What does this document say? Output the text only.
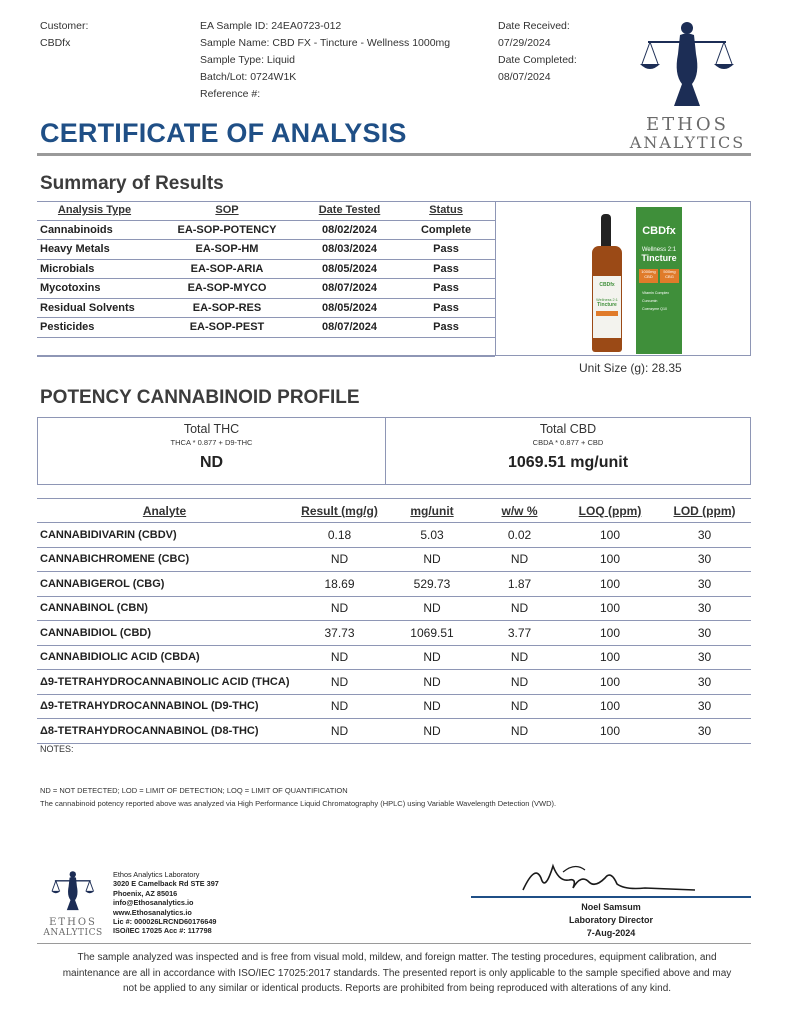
Customer:
CBDfx
EA Sample ID: 24EA0723-012
Sample Name: CBD FX - Tincture - Wellness 1000mg
Sample Type: Liquid
Batch/Lot: 0724W1K
Reference #:
Date Received:
07/29/2024
Date Completed:
08/07/2024
ETHOS
ANALYTICS
CERTIFICATE OF ANALYSIS
Summary of Results
Analysis Type	SOP	Date Tested	Status
Cannabinoids	EA-SOP-POTENCY	08/02/2024	Complete
Heavy Metals	EA-SOP-HM	08/03/2024	Pass
Microbials	EA-SOP-ARIA	08/05/2024	Pass
Mycotoxins	EA-SOP-MYCO	08/07/2024	Pass
Residual Solvents	EA-SOP-RES	08/05/2024	Pass
Pesticides	EA-SOP-PEST	08/07/2024	Pass

CBDfx
Wellness 2:1
Tincture
1000mg CBD
500mg CBG
Vitamin Complex
Curcumin
Coenzyme Q10
CBDfx
Wellness 2:1
Tincture
Unit Size (g): 28.35
POTENCY CANNABINOID PROFILE
Total THC
THCA * 0.877 + D9-THC
ND
Total CBD
CBDA * 0.877 + CBD
1069.51 mg/unit
Analyte	Result (mg/g)	mg/unit	w/w %	LOQ (ppm)	LOD (ppm)
CANNABIDIVARIN (CBDV)	0.18	5.03	0.02	100	30
CANNABICHROMENE (CBC)	ND	ND	ND	100	30
CANNABIGEROL (CBG)	18.69	529.73	1.87	100	30
CANNABINOL (CBN)	ND	ND	ND	100	30
CANNABIDIOL (CBD)	37.73	1069.51	3.77	100	30
CANNABIDIOLIC ACID (CBDA)	ND	ND	ND	100	30
Δ9-TETRAHYDROCANNABINOLIC ACID (THCA)	ND	ND	ND	100	30
Δ9-TETRAHYDROCANNABINOL (D9-THC)	ND	ND	ND	100	30
Δ8-TETRAHYDROCANNABINOL (D8-THC)	ND	ND	ND	100	30
NOTES:
ND = NOT DETECTED; LOD = LIMIT OF DETECTION; LOQ = LIMIT OF QUANTIFICATION
The cannabinoid potency reported above was analyzed via High Performance Liquid Chromatography (HPLC) using Variable Wavelength Detection (VWD).
ETHOS
ANALYTICS
Ethos Analytics Laboratory
3020 E Camelback Rd STE 397
Phoenix, AZ 85016
info@Ethosanalytics.io
www.Ethosanalytics.io
Lic #: 000026LRCND60176649
ISO/IEC 17025 Acc #: 117798
Noel Samsum
Laboratory Director
7-Aug-2024
The sample analyzed was inspected and is free from visual mold, mildew, and foreign matter. The testing procedures, equipment calibration, and
maintenance are all in accordance with ISO/IEC 17025:2017 standards. The presented report is only applicable to the sample specified above and may
not be applied to any similar or identical products. Reports are prohibited from being reproduced with alterations of any kind.
